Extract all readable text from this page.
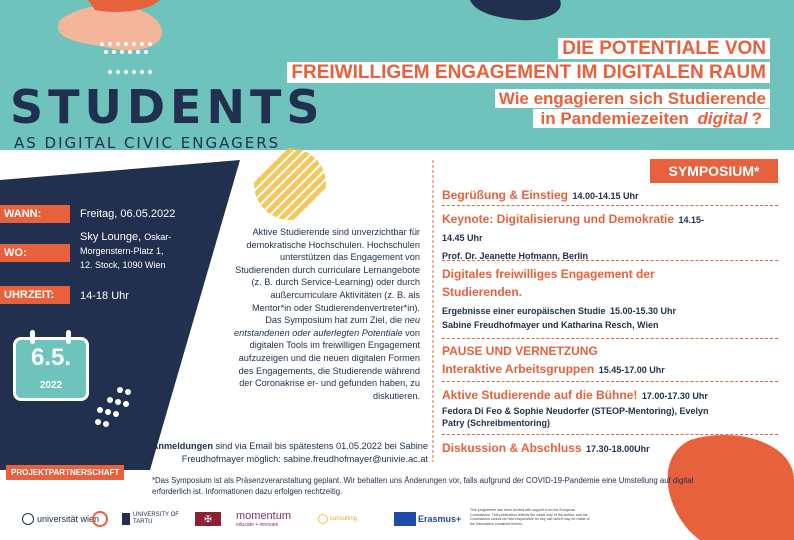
DIE POTENTIALE VON
FREIWILLIGEM ENGAGEMENT IM DIGITALEN RAUM
Wie engagieren sich Studierende
in Pandemiezeiten digital ?
STUDENTS
AS DIGITAL CIVIC ENGAGERS
WANN:	Freitag, 06.05.2022
WO:
Sky Lounge, Oskar-
Morgenstern-Platz 1,
12. Stock, 1090 Wien
UHRZEIT:	14-18 Uhr
6.5.
2022
Aktive Studierende sind unverzichtbar für
demokratische Hochschulen. Hochschulen
unterstützen das Engagement von
Studierenden durch curriculare Lernangebote
(z. B. durch Service-Learning) oder durch
außercurriculare Aktivitäten (z. B. als
Mentor*in oder Studierendenvertreter*in).
Das Symposium hat zum Ziel, die neu
entstandenen oder auferlegten Potentiale von
digitalen Tools im freiwilligen Engagement
aufzuzeigen und die neuen digitalen Formen
des Engagements, die Studierende während
der Coronakrise er- und gefunden haben, zu
diskutieren.
Anmeldungen sind via Email bis spätestens 01.05.2022 bei Sabine
Freudhofmayer möglich: sabine.freudhofmayer@univie.ac.at
SYMPOSIUM*
Begrüßung & Einstieg 14.00-14.15 Uhr
Keynote: Digitalisierung und Demokratie 14.15-
14.45 Uhr
Prof. Dr. Jeanette Hofmann, Berlin
Digitales freiwilliges Engagement der
Studierenden.
Ergebnisse einer europäischen Studie 15.00-15.30 Uhr
Sabine Freudhofmayer und Katharina Resch, Wien
PAUSE UND VERNETZUNG
Interaktive Arbeitsgruppen 15.45-17.00 Uhr
Aktive Studierende auf die Bühne! 17.00-17.30 Uhr
Fedora Di Feo & Sophie Neudorfer (STEOP-Mentoring), Evelyn
Patry (Schreibmentoring)
Diskussion & Abschluss 17.30-18.00Uhr
PROJEKTPARTNERSCHAFT
*Das Symposium ist als Präsenzveranstaltung geplant. Wir behalten uns Änderungen vor, falls aufgrund der COVID-19-Pandemie eine Umstellung auf digital
erforderlich ist. Informationen dazu erfolgen rechtzeitig.
universität wien	UNIVERSITY OF TARTU	✠	momentum
educate + innovate
consulting	Erasmus+
This programme has been funded with support from the European Commission. This publication reflects the views only of the author, and the Commission cannot be held responsible for any use which may be made of the information contained therein.
